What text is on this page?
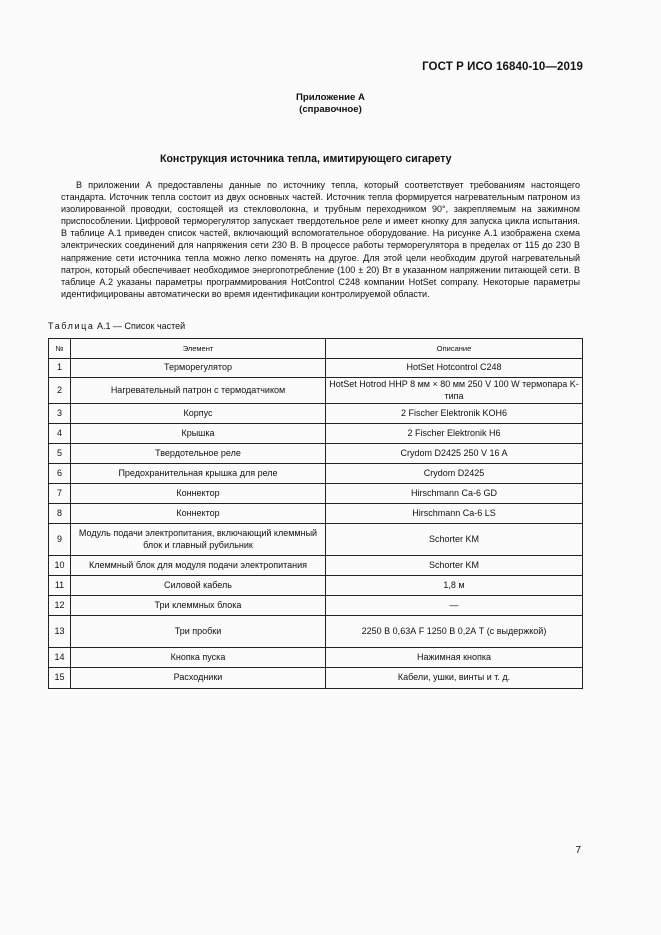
ГОСТ Р ИСО 16840-10—2019
Приложение А
(справочное)
Конструкция источника тепла, имитирующего сигарету

В приложении А предоставлены данные по источнику тепла, который соответствует требованиям настоящего стандарта. Источник тепла состоит из двух основных частей. Источник тепла формируется нагревательным патроном из изолированной проводки, состоящей из стекловолокна, и трубным переходником 90°, закрепляемым на зажимном приспособлении. Цифровой терморегулятор запускает твердотельное реле и имеет кнопку для запуска цикла испытания. В таблице А.1 приведен список частей, включающий вспомогательное оборудование. На рисунке А.1 изображена схема электрических соединений для напряжения сети 230 В. В процессе работы терморегулятора в пределах от 115 до 230 В напряжение сети источника тепла можно легко поменять на другое. Для этой цели необходим другой нагревательный патрон, который обеспечивает необходимое энергопотребление (100 ± 20) Вт в указанном напряжении питающей сети. В таблице А.2 указаны параметры программирования HotControl C248 компании HotSet company. Некоторые параметры идентифицированы автоматически во время идентификации контролируемой области.

Таблица А.1 — Список частей
№	Элемент	Описание
1	Терморегулятор	HotSet Hotcontrol C248
2	Нагревательный патрон с термодатчиком	HotSet Hotrod HHP 8 мм × 80 мм 250 V 100 W термопара K-типа
3	Корпус	2 Fischer Elektronik KOH6
4	Крышка	2 Fischer Elektronik H6
5	Твердотельное реле	Crydom D2425 250 V 16 A
6	Предохранительная крышка для реле	Crydom D2425
7	Коннектор	Hirschmann Ca-6 GD
8	Коннектор	Hirschmann Ca-6 LS
9	Модуль подачи электропитания, включающий клеммный блок и главный рубильник	Schorter KM
10	Клеммный блок для модуля подачи электропитания	Schorter KM
11	Силовой кабель	1,8 м
12	Три клеммных блока	—
13	Три пробки	2250 В 0,63А F 1250 В 0,2А Т (с выдержкой)
14	Кнопка пуска	Нажимная кнопка
15	Расходники	Кабели, ушки, винты и т. д.
7
